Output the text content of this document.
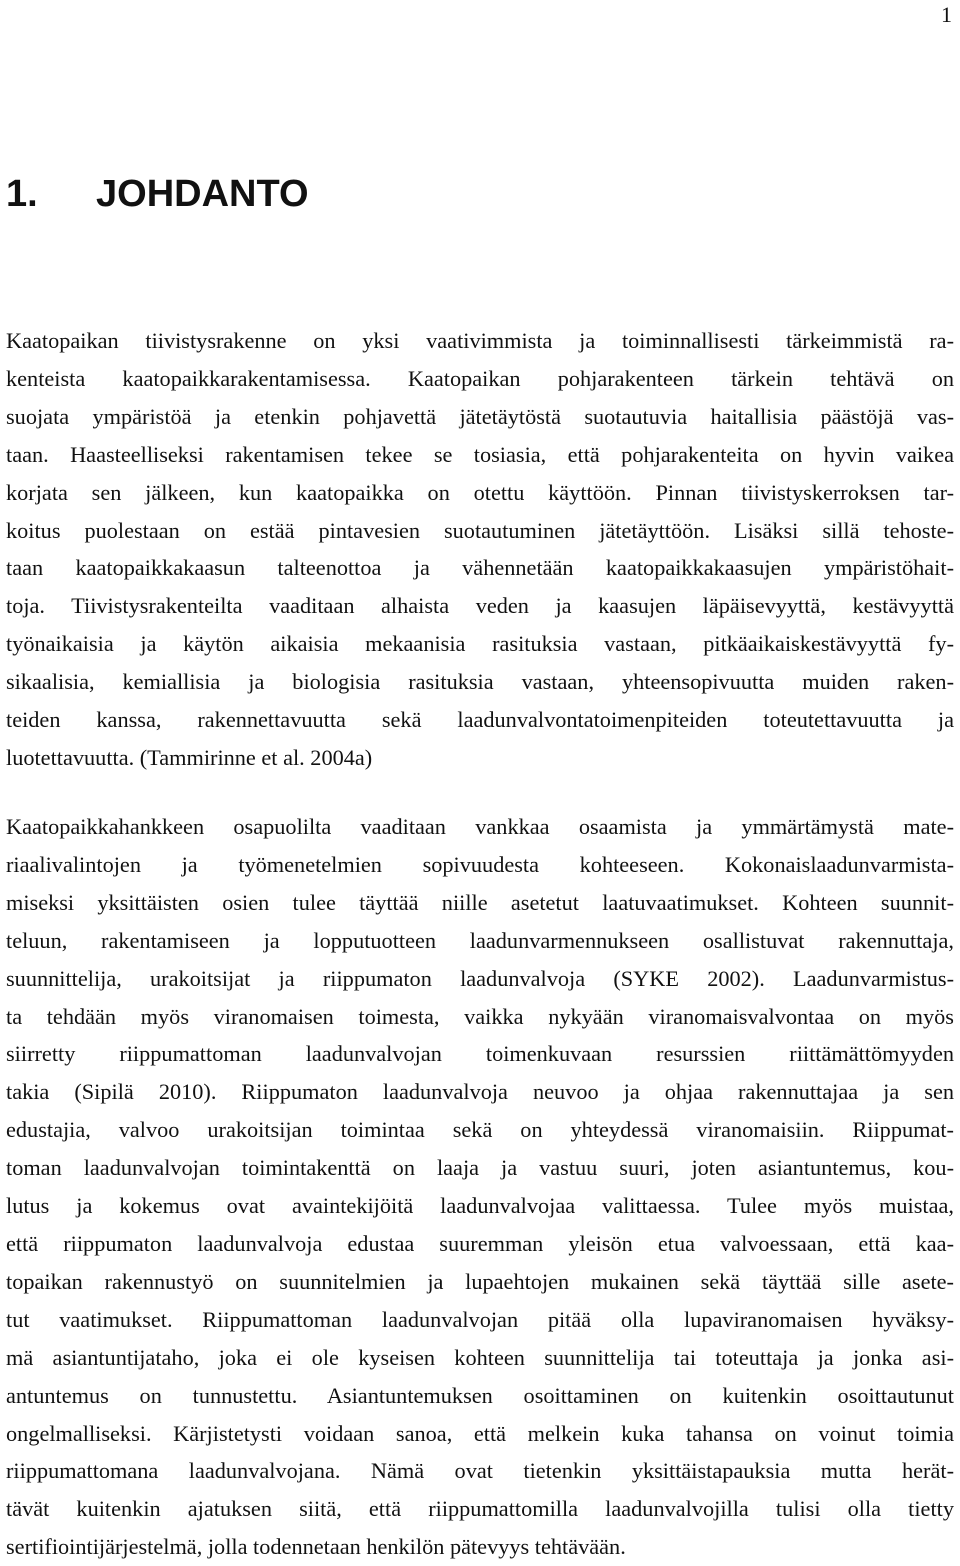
1
1. JOHDANTO

Kaatopaikan tiivistysrakenne on yksi vaativimmista ja toiminnallisesti tärkeimmistä ra-
kenteista kaatopaikkarakentamisessa. Kaatopaikan pohjarakenteen tärkein tehtävä on
suojata ympäristöä ja etenkin pohjavettä jätetäytöstä suotautuvia haitallisia päästöjä vas-
taan. Haasteelliseksi rakentamisen tekee se tosiasia, että pohjarakenteita on hyvin vaikea
korjata sen jälkeen, kun kaatopaikka on otettu käyttöön. Pinnan tiivistyskerroksen tar-
koitus puolestaan on estää pintavesien suotautuminen jätetäyttöön. Lisäksi sillä tehoste-
taan kaatopaikkakaasun talteenottoa ja vähennetään kaatopaikkakaasujen ympäristöhait-
toja. Tiivistysrakenteilta vaaditaan alhaista veden ja kaasujen läpäisevyyttä, kestävyyttä
työnaikaisia ja käytön aikaisia mekaanisia rasituksia vastaan, pitkäaikaiskestävyyttä fy-
sikaalisia, kemiallisia ja biologisia rasituksia vastaan, yhteensopivuutta muiden raken-
teiden kanssa, rakennettavuutta sekä laadunvalvontatoimenpiteiden toteutettavuutta ja
luotettavuutta. (Tammirinne et al. 2004a)

Kaatopaikkahankkeen osapuolilta vaaditaan vankkaa osaamista ja ymmärtämystä mate-
riaalivalintojen ja työmenetelmien sopivuudesta kohteeseen. Kokonaislaadunvarmista-
miseksi yksittäisten osien tulee täyttää niille asetetut laatuvaatimukset. Kohteen suunnit-
teluun, rakentamiseen ja lopputuotteen laadunvarmennukseen osallistuvat rakennuttaja,
suunnittelija, urakoitsijat ja riippumaton laadunvalvoja (SYKE 2002). Laadunvarmistus-
ta tehdään myös viranomaisen toimesta, vaikka nykyään viranomaisvalvontaa on myös
siirretty riippumattoman laadunvalvojan toimenkuvaan resurssien riittämättömyyden
takia (Sipilä 2010). Riippumaton laadunvalvoja neuvoo ja ohjaa rakennuttajaa ja sen
edustajia, valvoo urakoitsijan toimintaa sekä on yhteydessä viranomaisiin. Riippumat-
toman laadunvalvojan toimintakenttä on laaja ja vastuu suuri, joten asiantuntemus, kou-
lutus ja kokemus ovat avaintekijöitä laadunvalvojaa valittaessa. Tulee myös muistaa,
että riippumaton laadunvalvoja edustaa suuremman yleisön etua valvoessaan, että kaa-
topaikan rakennustyö on suunnitelmien ja lupaehtojen mukainen sekä täyttää sille asete-
tut vaatimukset. Riippumattoman laadunvalvojan pitää olla lupaviranomaisen hyväksy-
mä asiantuntijataho, joka ei ole kyseisen kohteen suunnittelija tai toteuttaja ja jonka asi-
antuntemus on tunnustettu. Asiantuntemuksen osoittaminen on kuitenkin osoittautunut
ongelmalliseksi. Kärjistetysti voidaan sanoa, että melkein kuka tahansa on voinut toimia
riippumattomana laadunvalvojana. Nämä ovat tietenkin yksittäistapauksia mutta herät-
tävät kuitenkin ajatuksen siitä, että riippumattomilla laadunvalvojilla tulisi olla tietty
sertifiointijärjestelmä, jolla todennetaan henkilön pätevyys tehtävään.
